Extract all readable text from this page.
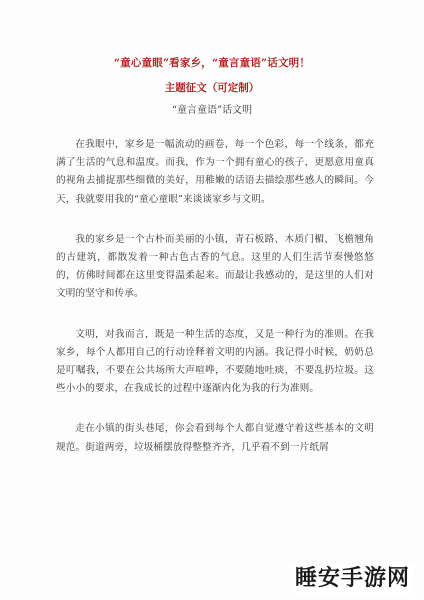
“童心童眼”看家乡，“童言童语”话文明！
主题征文（可定制）
“童言童语”话文明

在我眼中，家乡是一幅流动的画卷，每一个色彩，每一个线条，都充满了生活的气息和温度。而我，作为一个拥有童心的孩子，更愿意用童真的视角去捕捉那些细微的美好，用稚嫩的话语去描绘那些感人的瞬间。今天，我就要用我的“童心童眼”来谈谈家乡与文明。

我的家乡是一个古朴而美丽的小镇，青石板路、木质门楣、飞檐翘角的古建筑，都散发着一种古色古香的气息。这里的人们生活节奏慢悠悠的，仿佛时间都在这里变得温柔起来。而最让我感动的，是这里的人们对文明的坚守和传承。

文明，对我而言，既是一种生活的态度，又是一种行为的准则。在我家乡，每个人都用自己的行动诠释着文明的内涵。我记得小时候，奶奶总是叮嘱我，不要在公共场所大声喧哗，不要随地吐痰，不要乱扔垃圾。这些小小的要求，在我成长的过程中逐渐内化为我的行为准则。

走在小镇的街头巷尾，你会看到每个人都自觉遵守着这些基本的文明规范。街道两旁，垃圾桶摆放得整整齐齐，几乎看不到一片纸屑

睡安手游网
